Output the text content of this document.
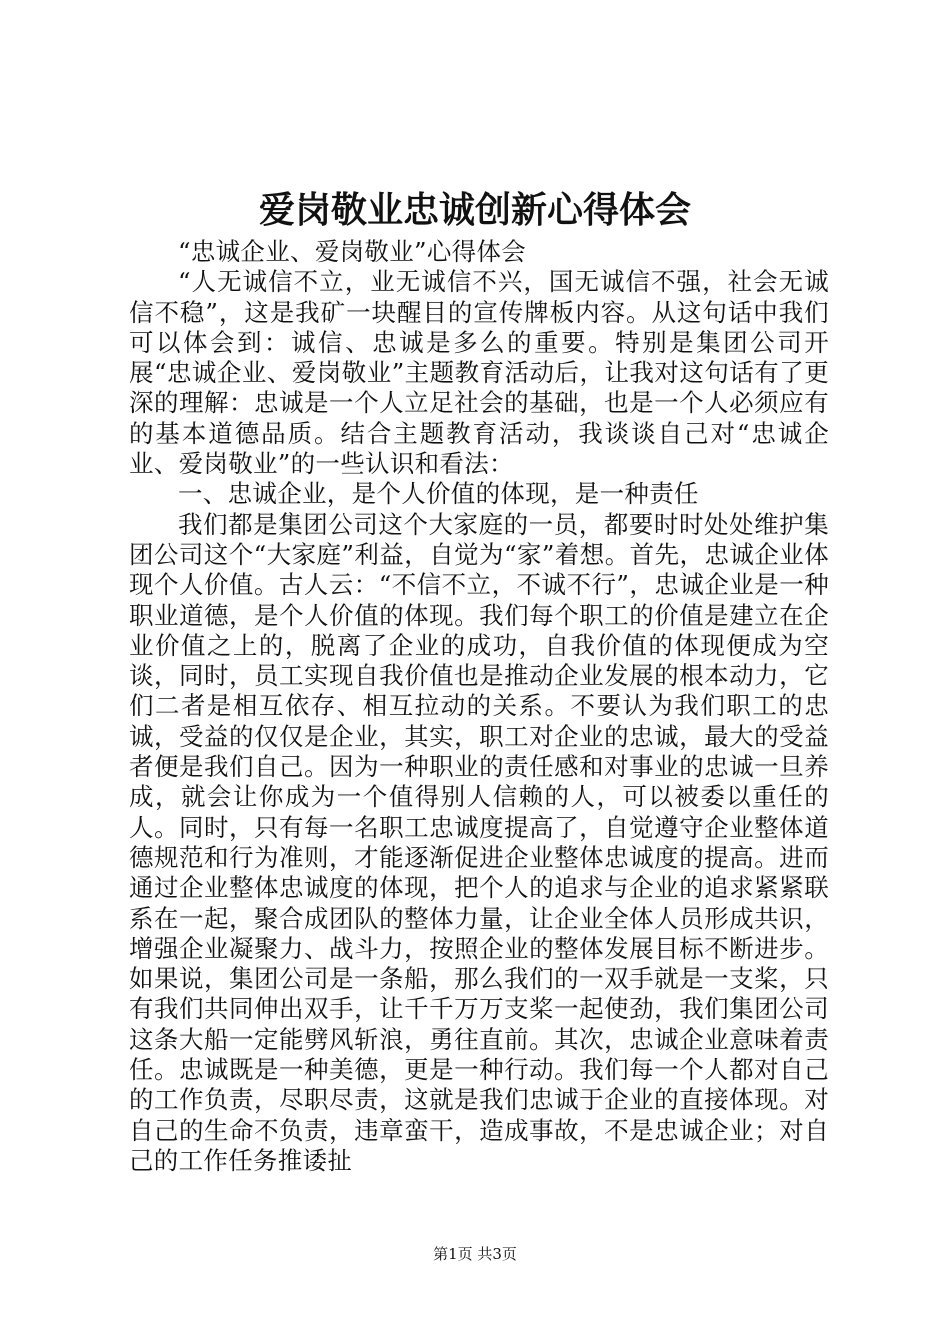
爱岗敬业忠诚创新心得体会

“忠诚企业、爱岗敬业”心得体会

“人无诚信不立，业无诚信不兴，国无诚信不强，社会无诚信不稳”，这是我矿一块醒目的宣传牌板内容。从这句话中我们可以体会到：诚信、忠诚是多么的重要。特别是集团公司开展“忠诚企业、爱岗敬业”主题教育活动后，让我对这句话有了更深的理解：忠诚是一个人立足社会的基础，也是一个人必须应有的基本道德品质。结合主题教育活动，我谈谈自己对“忠诚企业、爱岗敬业”的一些认识和看法：

一、忠诚企业，是个人价值的体现，是一种责任

我们都是集团公司这个大家庭的一员，都要时时处处维护集团公司这个“大家庭”利益，自觉为“家”着想。首先，忠诚企业体现个人价值。古人云：“不信不立，不诚不行”，忠诚企业是一种职业道德，是个人价值的体现。我们每个职工的价值是建立在企业价值之上的，脱离了企业的成功，自我价值的体现便成为空谈，同时，员工实现自我价值也是推动企业发展的根本动力，它们二者是相互依存、相互拉动的关系。不要认为我们职工的忠诚，受益的仅仅是企业，其实，职工对企业的忠诚，最大的受益者便是我们自己。因为一种职业的责任感和对事业的忠诚一旦养成，就会让你成为一个值得别人信赖的人，可以被委以重任的人。同时，只有每一名职工忠诚度提高了，自觉遵守企业整体道德规范和行为准则，才能逐渐促进企业整体忠诚度的提高。进而通过企业整体忠诚度的体现，把个人的追求与企业的追求紧紧联系在一起，聚合成团队的整体力量，让企业全体人员形成共识，增强企业凝聚力、战斗力，按照企业的整体发展目标不断进步。如果说，集团公司是一条船，那么我们的一双手就是一支桨，只有我们共同伸出双手，让千千万万支桨一起使劲，我们集团公司这条大船一定能劈风斩浪，勇往直前。其次，忠诚企业意味着责任。忠诚既是一种美德，更是一种行动。我们每一个人都对自己的工作负责，尽职尽责，这就是我们忠诚于企业的直接体现。对自己的生命不负责，违章蛮干，造成事故，不是忠诚企业；对自己的工作任务推诿扯

第1页 共3页
